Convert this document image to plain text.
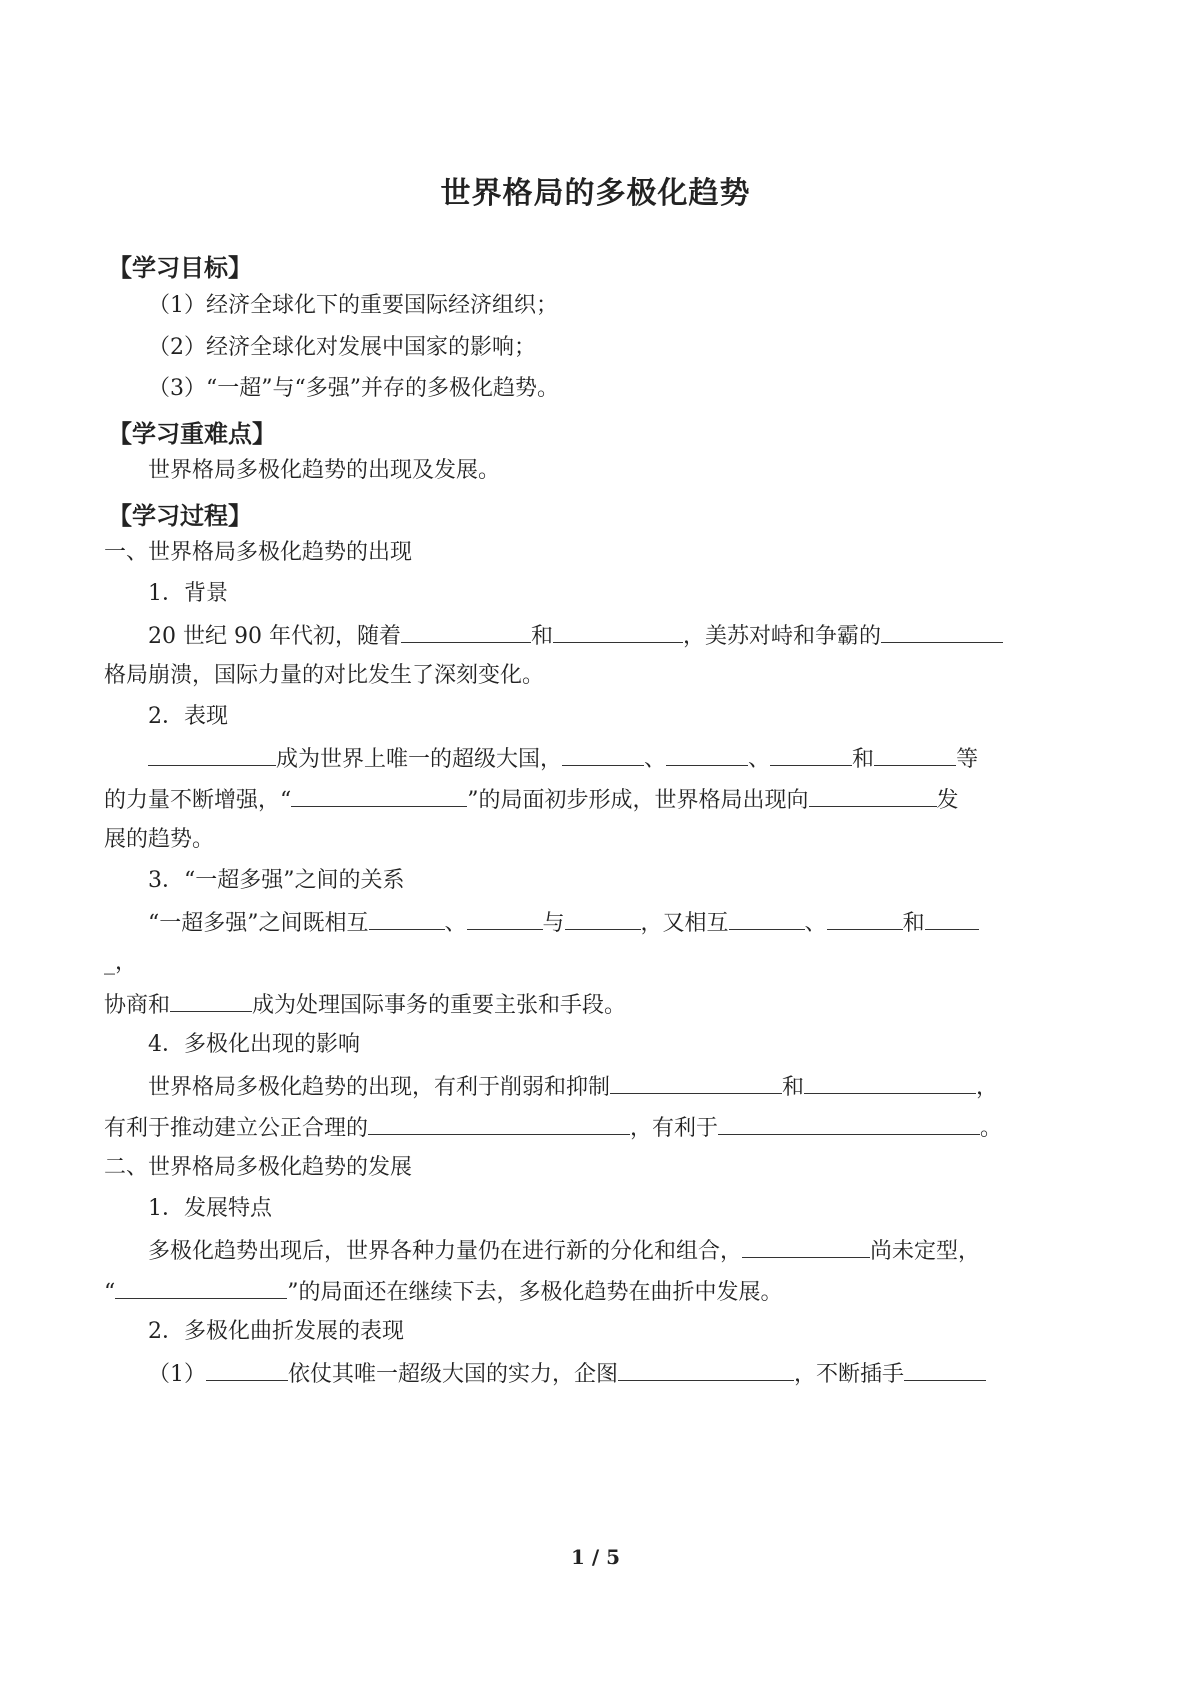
世界格局的多极化趋势
【学习目标】
（1）经济全球化下的重要国际经济组织；
（2）经济全球化对发展中国家的影响；
（3）“一超”与“多强”并存的多极化趋势。
【学习重难点】
世界格局多极化趋势的出现及发展。
【学习过程】
一、世界格局多极化趋势的出现
1．背景
20 世纪 90 年代初，随着	和	，美苏对峙和争霸的
格局崩溃，国际力量的对比发生了深刻变化。
2．表现
成为世界上唯一的超级大国，	、	、	和	等
的力量不断增强，“	”的局面初步形成，世界格局出现向	发
展的趋势。
3．“一超多强”之间的关系
“一超多强”之间既相互	、	与	，又相互	、	和
_，
协商和	成为处理国际事务的重要主张和手段。
4．多极化出现的影响
世界格局多极化趋势的出现，有利于削弱和抑制	和	，
有利于推动建立公正合理的	，有利于	。
二、世界格局多极化趋势的发展
1．发展特点
多极化趋势出现后，世界各种力量仍在进行新的分化和组合，	尚未定型，
“	”的局面还在继续下去，多极化趋势在曲折中发展。
2．多极化曲折发展的表现
（1）	依仗其唯一超级大国的实力，企图	，不断插手
1 / 5
